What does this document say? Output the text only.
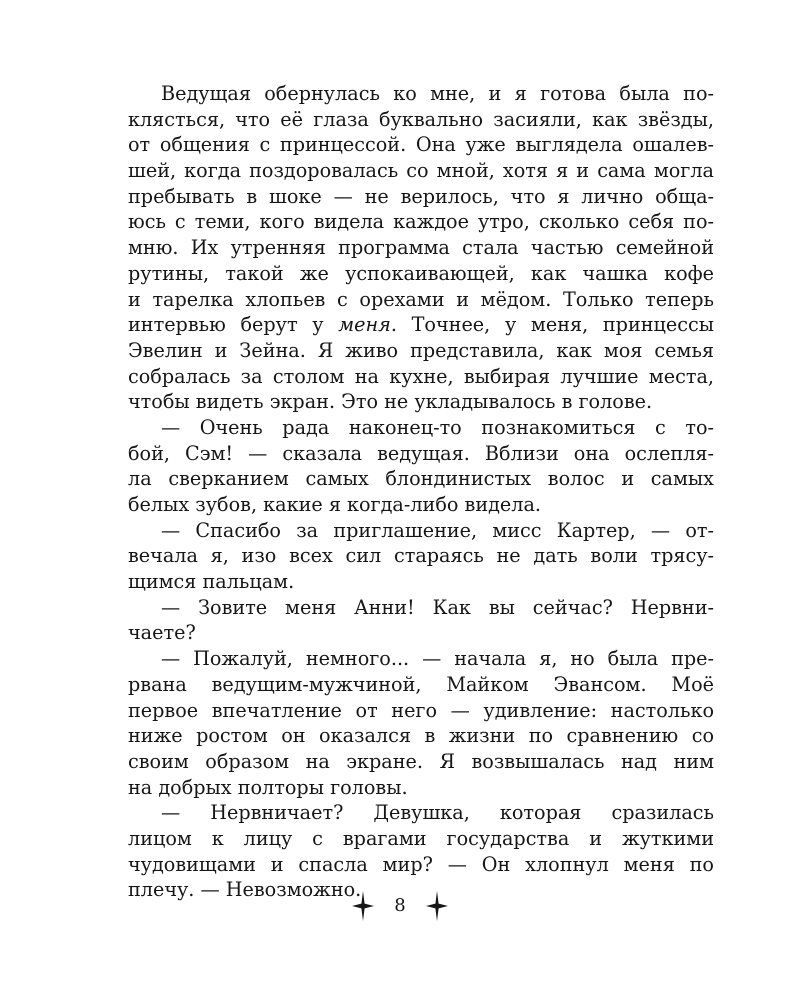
Ведущая обернулась ко мне, и я готова была по-
клясться, что её глаза буквально засияли, как звёзды,
от общения с принцессой. Она уже выглядела ошалев-
шей, когда поздоровалась со мной, хотя я и сама могла
пребывать в шоке — не верилось, что я лично обща-
юсь с теми, кого видела каждое утро, сколько себя по-
мню. Их утренняя программа стала частью семейной
рутины, такой же успокаивающей, как чашка кофе
и тарелка хлопьев с орехами и мёдом. Только теперь
интервью берут у меня. Точнее, у меня, принцессы
Эвелин и Зейна. Я живо представила, как моя семья
собралась за столом на кухне, выбирая лучшие места,
чтобы видеть экран. Это не укладывалось в голове.
— Очень рада наконец-то познакомиться с то-
бой, Сэм! — сказала ведущая. Вблизи она ослепля-
ла сверканием самых блондинистых волос и самых
белых зубов, какие я когда-либо видела.
— Спасибо за приглашение, мисс Картер, — от-
вечала я, изо всех сил стараясь не дать воли трясу-
щимся пальцам.
— Зовите меня Анни! Как вы сейчас? Нервни-
чаете?
— Пожалуй, немного... — начала я, но была пре-
рвана ведущим-мужчиной, Майком Эвансом. Моё
первое впечатление от него — удивление: настолько
ниже ростом он оказался в жизни по сравнению со
своим образом на экране. Я возвышалась над ним
на добрых полторы головы.
— Нервничает? Девушка, которая сразилась
лицом к лицу с врагами государства и жуткими
чудовищами и спасла мир? — Он хлопнул меня по
плечу. — Невозможно.
8
